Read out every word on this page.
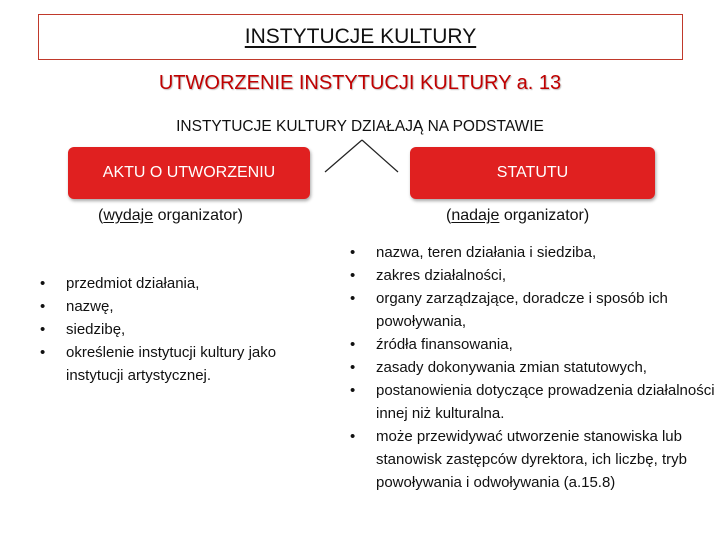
INSTYTUCJE KULTURY
UTWORZENIE INSTYTUCJI KULTURY a. 13
INSTYTUCJE KULTURY DZIAŁAJĄ NA PODSTAWIE
AKTU O UTWORZENIU	STATUTU
(wydaje organizator)	(nadaje organizator)
• przedmiot działania,
• nazwę,
• siedzibę,
• określenie instytucji kultury jako instytucji artystycznej.
• nazwa, teren działania i siedziba,
• zakres działalności,
• organy zarządzające, doradcze i sposób ich powoływania,
• źródła finansowania,
• zasady dokonywania zmian statutowych,
• postanowienia dotyczące prowadzenia działalności innej niż kulturalna.
• może przewidywać utworzenie stanowiska lub stanowisk zastępców dyrektora, ich liczbę, tryb powoływania i odwoływania (a.15.8)
